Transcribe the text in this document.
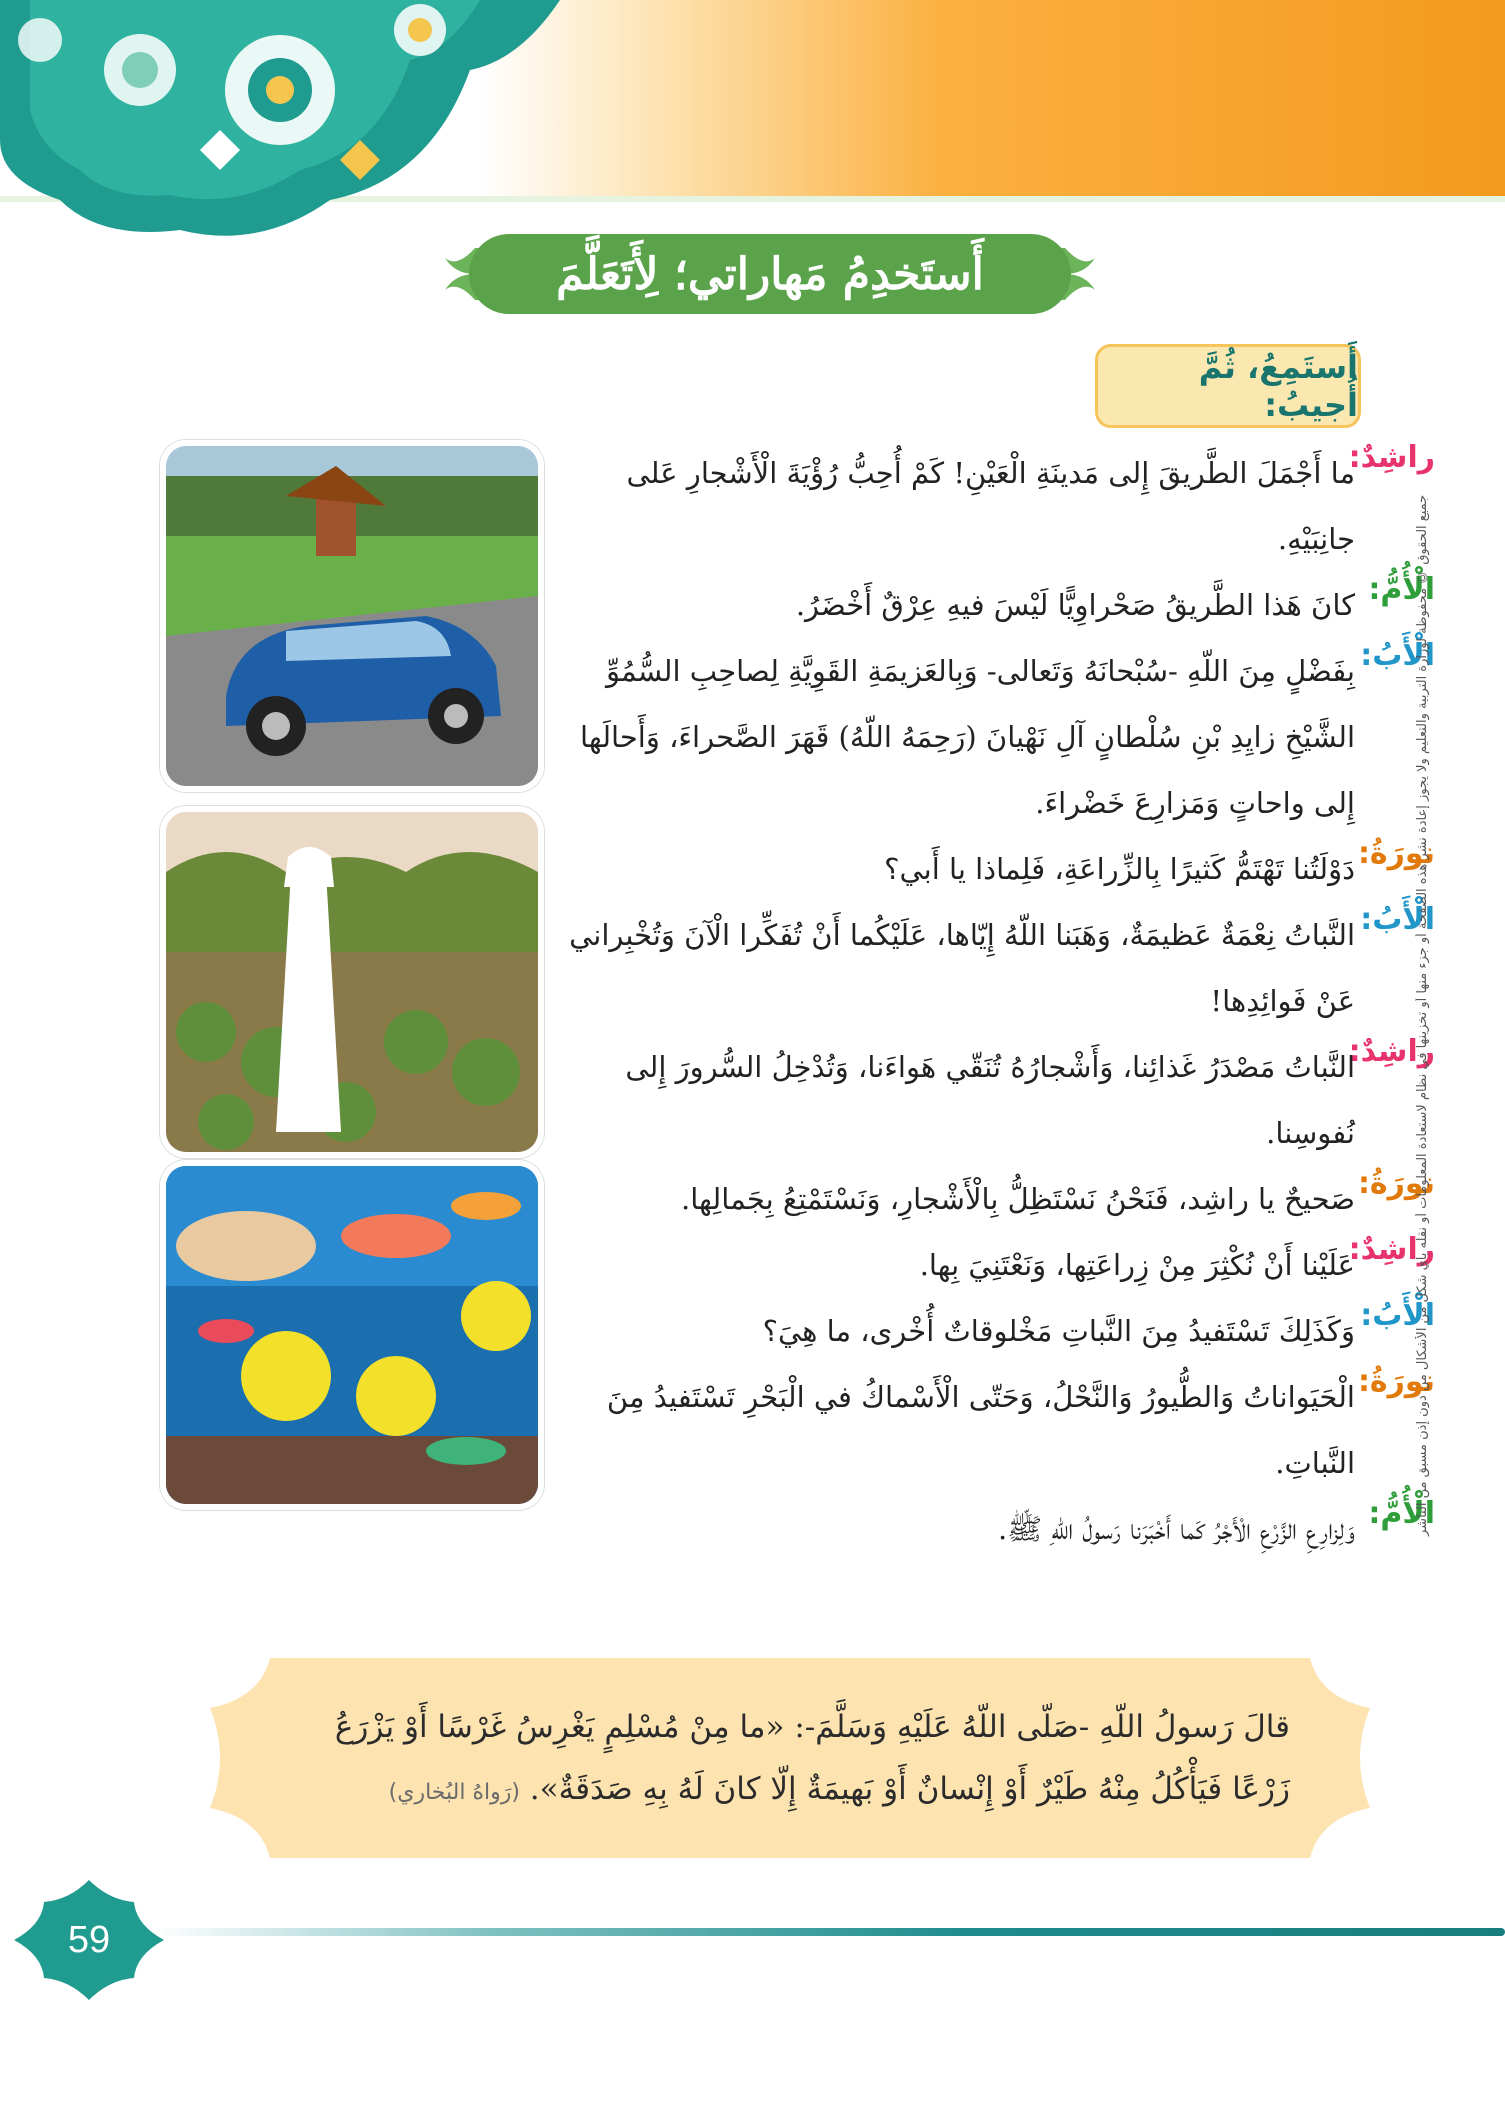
أَستَخدِمُ مَهاراتي؛ لِأَتَعَلَّمَ
أَستَمِعُ، ثُمَّ أُجيبُ:
راشِدٌ:
ما أَجْمَلَ الطَّريقَ إِلى مَدينَةِ الْعَيْنِ! كَمْ أُحِبُّ رُؤْيَةَ الْأَشْجارِ عَلى جانِبَيْهِ.
الْأُمُّ:
كانَ هَذا الطَّريقُ صَحْراوِيًّا لَيْسَ فيهِ عِرْقٌ أَخْضَرُ.
الْأَبُ:
بِفَضْلٍ مِنَ اللّهِ -سُبْحانَهُ وَتَعالى- وَبِالعَزيمَةِ القَوِيَّةِ لِصاحِبِ السُّمُوِّ الشَّيْخِ زايِدِ بْنِ سُلْطانٍ آلِ نَهْيانَ (رَحِمَهُ اللّهُ) قَهَرَ الصَّحراءَ، وَأَحالَها إِلى واحاتٍ وَمَزارِعَ خَضْراءَ.
نورَةُ:
دَوْلَتُنا تَهْتَمُّ كَثيرًا بِالزِّراعَةِ، فَلِماذا يا أَبي؟
الْأَبُ:
النَّباتُ نِعْمَةٌ عَظيمَةٌ، وَهَبَنا اللّهُ إِيّاها، عَلَيْكُما أَنْ تُفَكِّرا الْآنَ وَتُخْبِراني عَنْ فَوائِدِها!
راشِدٌ:
النَّباتُ مَصْدَرُ غَذائِنا، وَأَشْجارُهُ تُنَقّي هَواءَنا، وَتُدْخِلُ السُّرورَ إِلى نُفوسِنا.
نورَةُ:
صَحيحٌ يا راشِد، فَنَحْنُ نَسْتَظِلُّ بِالْأَشْجارِ، وَنَسْتَمْتِعُ بِجَمالِها.
راشِدٌ:
عَلَيْنا أَنْ نُكْثِرَ مِنْ زِراعَتِها، وَنَعْتَنِيَ بِها.
الْأَبُ:
وَكَذَلِكَ تَسْتَفيدُ مِنَ النَّباتِ مَخْلوقاتٌ أُخْرى، ما هِيَ؟
نورَةُ:
الْحَيَواناتُ وَالطُّيورُ وَالنَّحْلُ، وَحَتّى الْأَسْماكُ في الْبَحْرِ تَسْتَفيدُ مِنَ النَّباتِ.
الْأُمُّ:
وَلِزارِعِ الزَّرْعِ الْأَجْرُ كَما أَخْبَرَنا رَسولُ اللّهِ ﷺ.	جميع الحقوق © محفوظة لوزارة التربية والتعليم ولا يجوز إعادة نشر هذه الصفحة أو جزء منها أو تخزينها في نظام لاستعادة المعلومات أو نقله بأي شكل من الأشكال من دون إذن مسبق من الناشر
قالَ رَسولُ اللّهِ -صَلّى اللّهُ عَلَيْهِ وَسَلَّمَ-: «ما مِنْ مُسْلِمٍ يَغْرِسُ غَرْسًا أَوْ يَزْرَعُ زَرْعًا فَيَأْكُلُ مِنْهُ طَيْرٌ أَوْ إِنْسانٌ أَوْ بَهيمَةٌ إِلّا كانَ لَهُ بِهِ صَدَقَةٌ». (رَواهُ البُخاري)
59
